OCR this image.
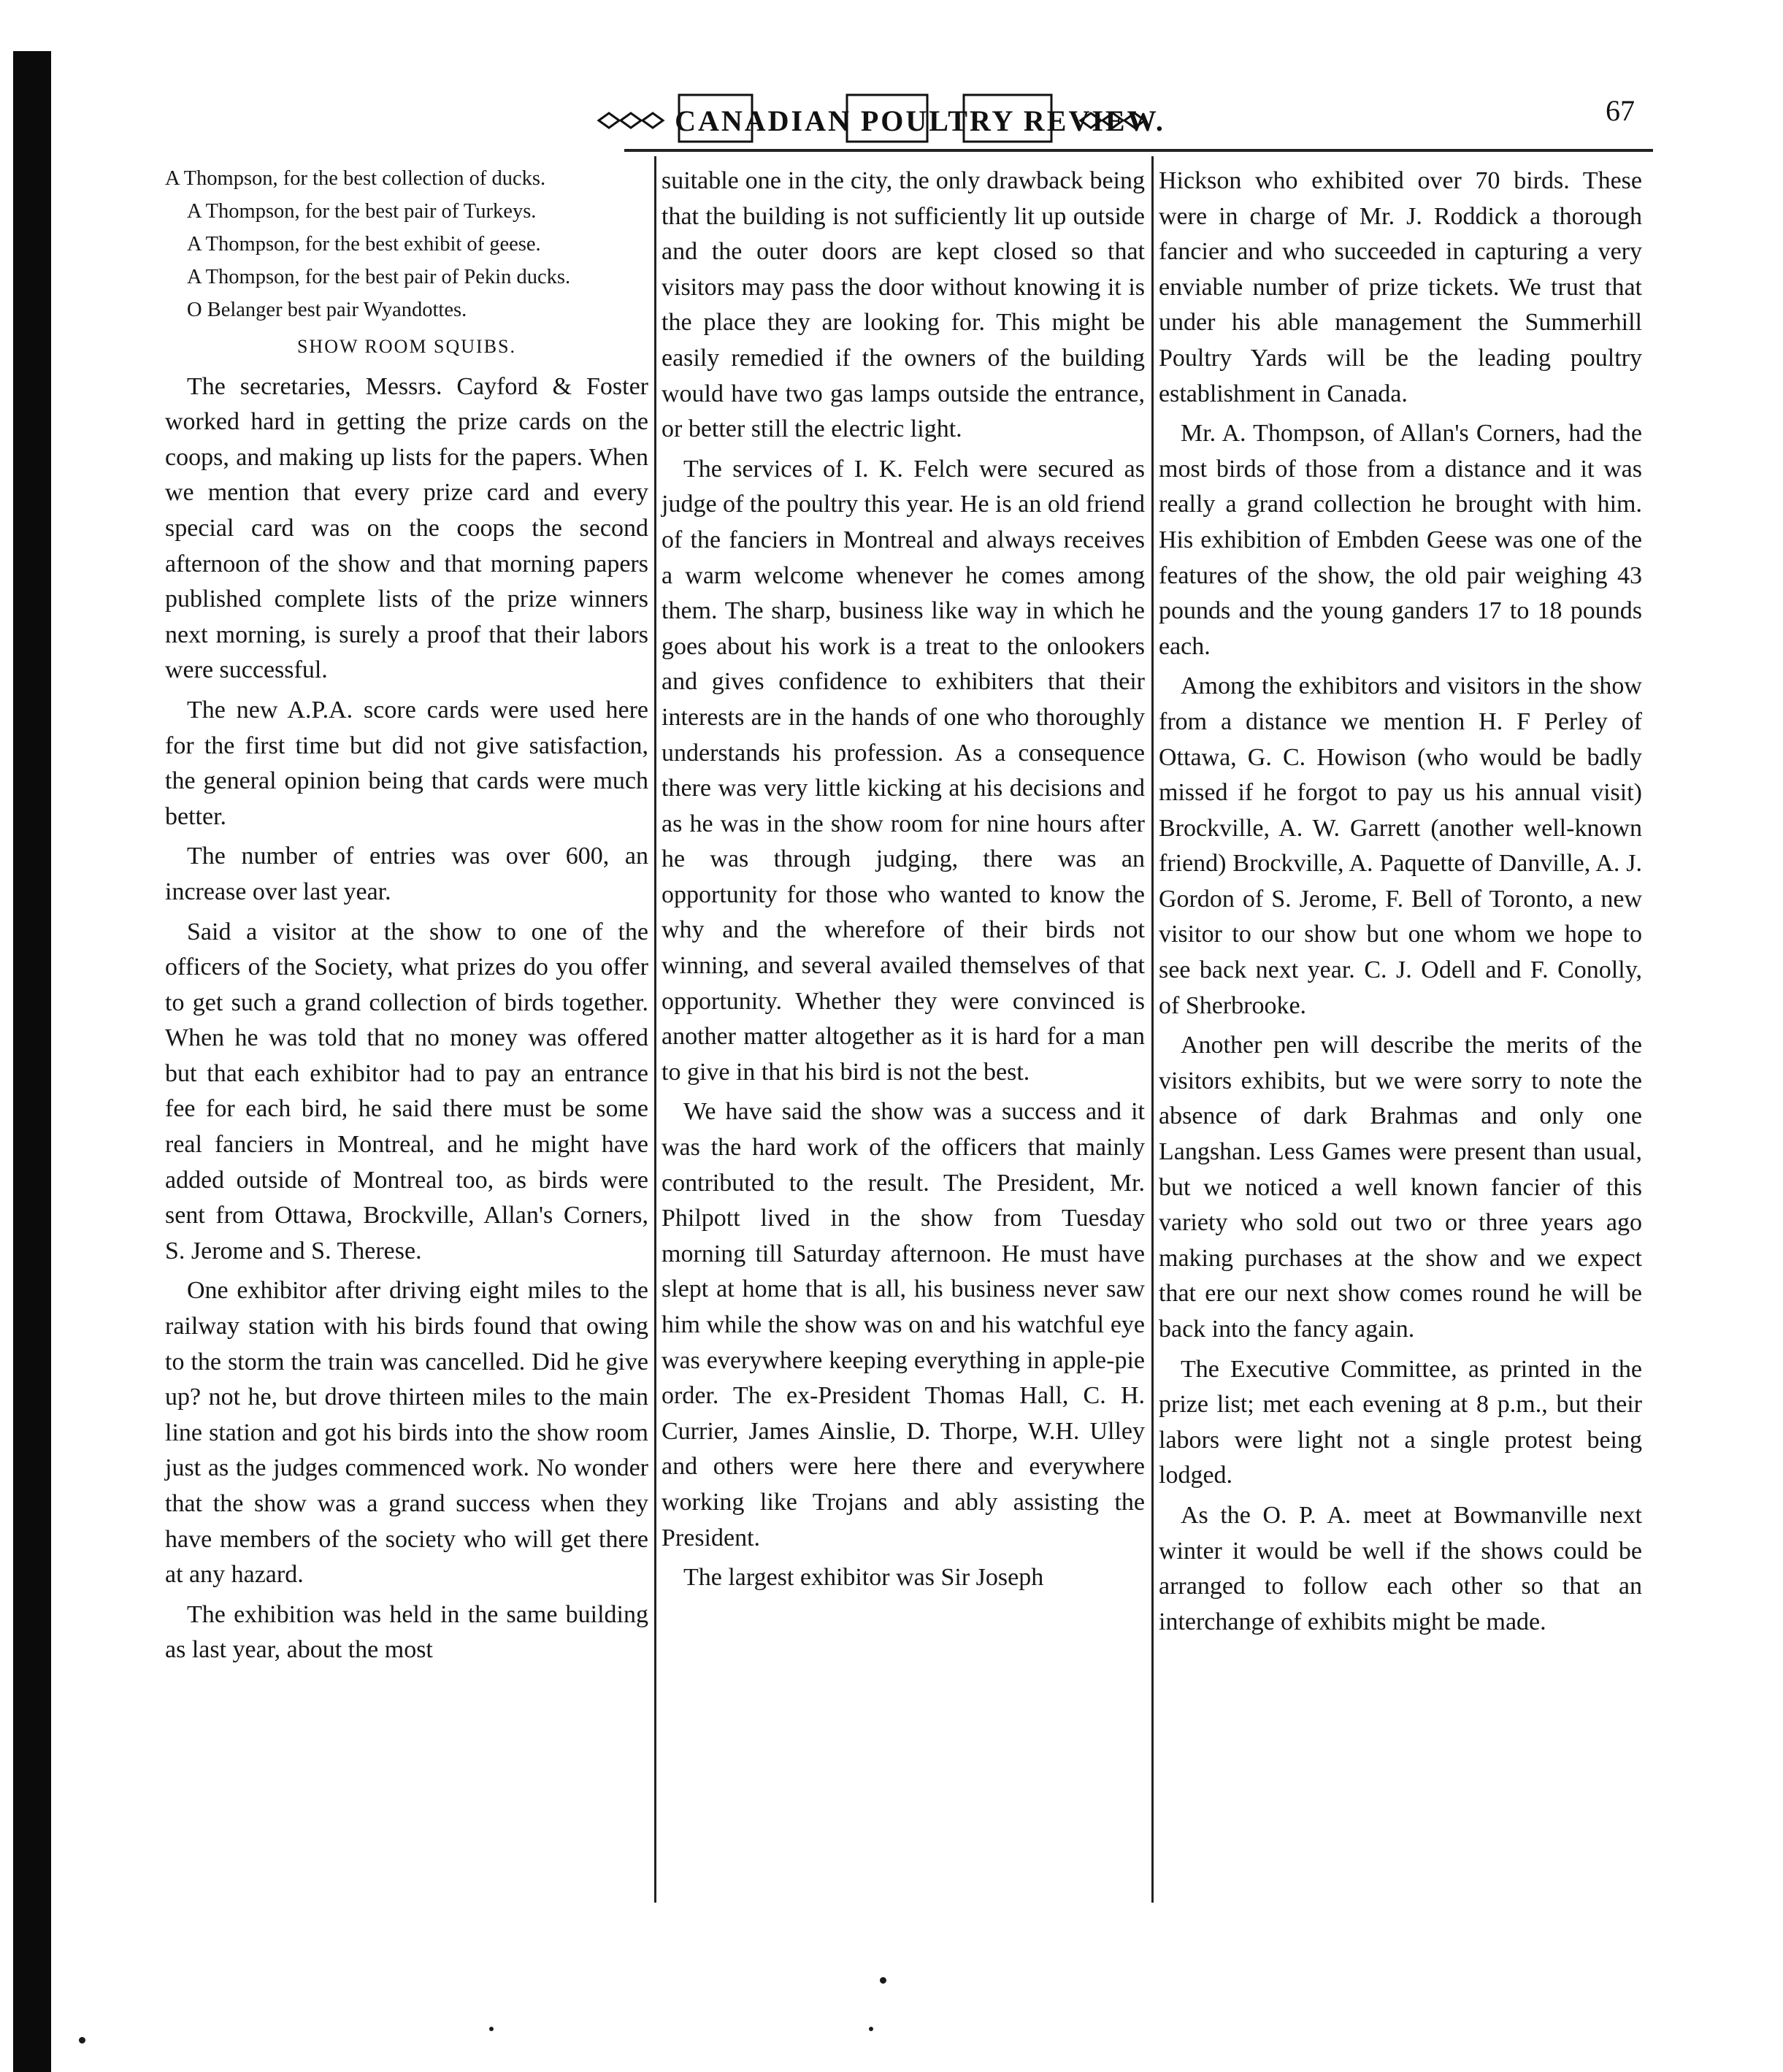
CANADIAN POULTRY REVIEW.	67

A Thompson, for the best collection of ducks.

A Thompson, for the best pair of Turkeys.

A Thompson, for the best exhibit of geese.

A Thompson, for the best pair of Pekin ducks.

O Belanger best pair Wyandottes.

SHOW ROOM SQUIBS.

The secretaries, Messrs. Cayford & Foster worked hard in getting the prize cards on the coops, and making up lists for the papers. When we mention that every prize card and every special card was on the coops the second afternoon of the show and that morning papers published complete lists of the prize winners next morning, is surely a proof that their labors were successful.

The new A.P.A. score cards were used here for the first time but did not give satisfaction, the general opinion being that cards were much better.

The number of entries was over 600, an increase over last year.

Said a visitor at the show to one of the officers of the Society, what prizes do you offer to get such a grand collection of birds together. When he was told that no money was offered but that each exhibitor had to pay an entrance fee for each bird, he said there must be some real fanciers in Montreal, and he might have added outside of Montreal too, as birds were sent from Ottawa, Brockville, Allan's Corners, S. Jerome and S. Therese.

One exhibitor after driving eight miles to the railway station with his birds found that owing to the storm the train was cancelled. Did he give up? not he, but drove thirteen miles to the main line station and got his birds into the show room just as the judges commenced work. No wonder that the show was a grand success when they have members of the society who will get there at any hazard.

The exhibition was held in the same building as last year, about the most

suitable one in the city, the only drawback being that the building is not sufficiently lit up outside and the outer doors are kept closed so that visitors may pass the door without knowing it is the place they are looking for. This might be easily remedied if the owners of the building would have two gas lamps outside the entrance, or better still the electric light.

The services of I. K. Felch were secured as judge of the poultry this year. He is an old friend of the fanciers in Montreal and always receives a warm welcome whenever he comes among them. The sharp, business like way in which he goes about his work is a treat to the onlookers and gives confidence to exhibiters that their interests are in the hands of one who thoroughly understands his profession. As a consequence there was very little kicking at his decisions and as he was in the show room for nine hours after he was through judging, there was an opportunity for those who wanted to know the why and the wherefore of their birds not winning, and several availed themselves of that opportunity. Whether they were convinced is another matter altogether as it is hard for a man to give in that his bird is not the best.

We have said the show was a success and it was the hard work of the officers that mainly contributed to the result. The President, Mr. Philpott lived in the show from Tuesday morning till Saturday afternoon. He must have slept at home that is all, his business never saw him while the show was on and his watchful eye was everywhere keeping everything in apple-pie order. The ex-President Thomas Hall, C. H. Currier, James Ainslie, D. Thorpe, W.H. Ulley and others were here there and everywhere working like Trojans and ably assisting the President.

The largest exhibitor was Sir Joseph

Hickson who exhibited over 70 birds. These were in charge of Mr. J. Roddick a thorough fancier and who succeeded in capturing a very enviable number of prize tickets. We trust that under his able management the Summerhill Poultry Yards will be the leading poultry establishment in Canada.

Mr. A. Thompson, of Allan's Corners, had the most birds of those from a distance and it was really a grand collection he brought with him. His exhibition of Embden Geese was one of the features of the show, the old pair weighing 43 pounds and the young ganders 17 to 18 pounds each.

Among the exhibitors and visitors in the show from a distance we mention H. F Perley of Ottawa, G. C. Howison (who would be badly missed if he forgot to pay us his annual visit) Brockville, A. W. Garrett (another well-known friend) Brockville, A. Paquette of Danville, A. J. Gordon of S. Jerome, F. Bell of Toronto, a new visitor to our show but one whom we hope to see back next year. C. J. Odell and F. Conolly, of Sherbrooke.

Another pen will describe the merits of the visitors exhibits, but we were sorry to note the absence of dark Brahmas and only one Langshan. Less Games were present than usual, but we noticed a well known fancier of this variety who sold out two or three years ago making purchases at the show and we expect that ere our next show comes round he will be back into the fancy again.

The Executive Committee, as printed in the prize list; met each evening at 8 p.m., but their labors were light not a single protest being lodged.

As the O. P. A. meet at Bowmanville next winter it would be well if the shows could be arranged to follow each other so that an interchange of exhibits might be made.
